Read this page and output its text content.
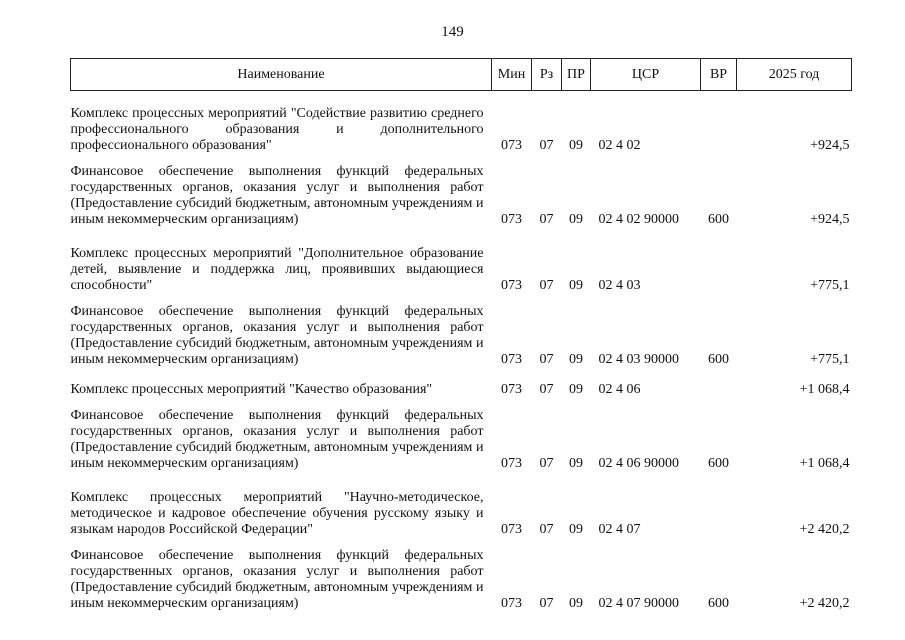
149
Наименование	Мин	Рз	ПР	ЦСР	ВР	2025 год
Комплекс процессных мероприятий "Содействие развитию среднего профессионального образования и дополнительного профессионального образования"	073	07	09	02 4 02		+924,5
Финансовое обеспечение выполнения функций федеральных государственных органов, оказания услуг и выполнения работ (Предоставление субсидий бюджетным, автономным учреждениям и иным некоммерческим организациям)	073	07	09	02 4 02 90000	600	+924,5
Комплекс процессных мероприятий "Дополнительное образование детей, выявление и поддержка лиц, проявивших выдающиеся способности"	073	07	09	02 4 03		+775,1
Финансовое обеспечение выполнения функций федеральных государственных органов, оказания услуг и выполнения работ (Предоставление субсидий бюджетным, автономным учреждениям и иным некоммерческим организациям)	073	07	09	02 4 03 90000	600	+775,1
Комплекс процессных мероприятий "Качество образования"	073	07	09	02 4 06		+1 068,4
Финансовое обеспечение выполнения функций федеральных государственных органов, оказания услуг и выполнения работ (Предоставление субсидий бюджетным, автономным учреждениям и иным некоммерческим организациям)	073	07	09	02 4 06 90000	600	+1 068,4
Комплекс процессных мероприятий "Научно-методическое, методическое и кадровое обеспечение обучения русскому языку и языкам народов Российской Федерации"	073	07	09	02 4 07		+2 420,2
Финансовое обеспечение выполнения функций федеральных государственных органов, оказания услуг и выполнения работ (Предоставление субсидий бюджетным, автономным учреждениям и иным некоммерческим организациям)	073	07	09	02 4 07 90000	600	+2 420,2
